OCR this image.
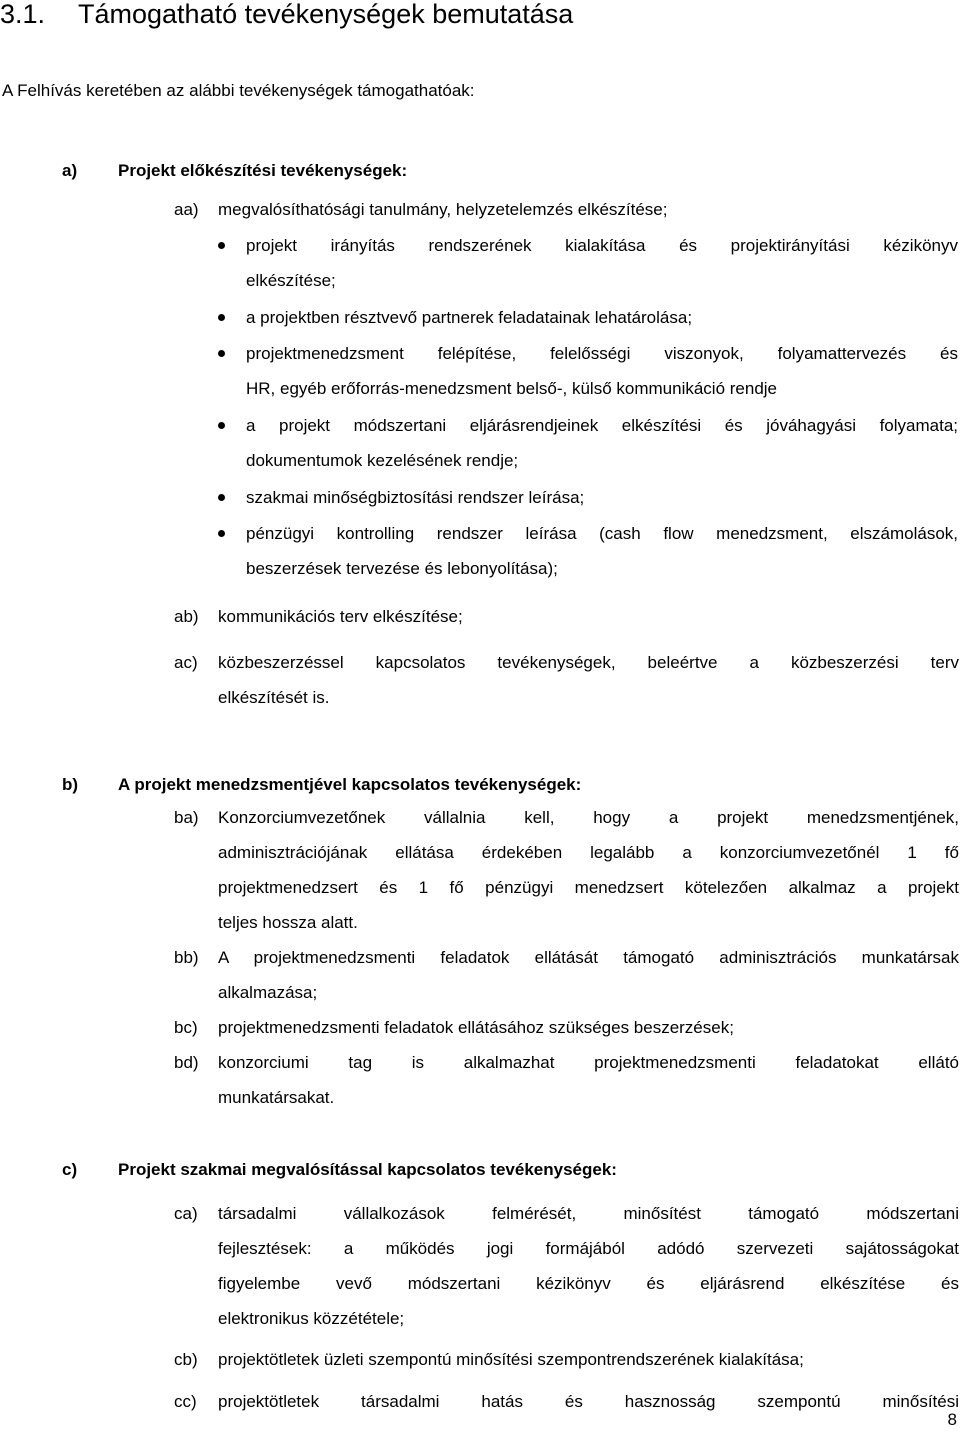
3.1. Támogatható tevékenységek bemutatása
A Felhívás keretében az alábbi tevékenységek támogathatóak:
a) Projekt előkészítési tevékenységek:
aa)	megvalósíthatósági tanulmány, helyzetelemzés elkészítése;
projekt irányítás rendszerének kialakítása és projektirányítási kézikönyv
elkészítése;
a projektben résztvevő partnerek feladatainak lehatárolása;
projektmenedzsment felépítése, felelősségi viszonyok, folyamattervezés és
HR, egyéb erőforrás-menedzsment belső-, külső kommunikáció rendje
a projekt módszertani eljárásrendjeinek elkészítési és jóváhagyási folyamata;
dokumentumok kezelésének rendje;
szakmai minőségbiztosítási rendszer leírása;
pénzügyi kontrolling rendszer leírása (cash flow menedzsment, elszámolások,
beszerzések tervezése és lebonyolítása);
ab)	kommunikációs terv elkészítése;
ac)	közbeszerzéssel kapcsolatos tevékenységek, beleértve a közbeszerzési terv
elkészítését is.
b) A projekt menedzsmentjével kapcsolatos tevékenységek:
ba)	Konzorciumvezetőnek vállalnia kell, hogy a projekt menedzsmentjének,
adminisztrációjának ellátása érdekében legalább a konzorciumvezetőnél 1 fő
projektmenedzsert és 1 fő pénzügyi menedzsert kötelezően alkalmaz a projekt
teljes hossza alatt.
bb)	A projektmenedzsmenti feladatok ellátását támogató adminisztrációs munkatársak
alkalmazása;
bc)	projektmenedzsmenti feladatok ellátásához szükséges beszerzések;
bd)	konzorciumi tag is alkalmazhat projektmenedzsmenti feladatokat ellátó
munkatársakat.
c) Projekt szakmai megvalósítással kapcsolatos tevékenységek:
ca)	társadalmi vállalkozások felmérését, minősítést támogató módszertani
fejlesztések: a működés jogi formájából adódó szervezeti sajátosságokat
figyelembe vevő módszertani kézikönyv és eljárásrend elkészítése és
elektronikus közzététele;
cb)	projektötletek üzleti szempontú minősítési szempontrendszerének kialakítása;
cc)	projektötletek társadalmi hatás és hasznosság szempontú minősítési
8
